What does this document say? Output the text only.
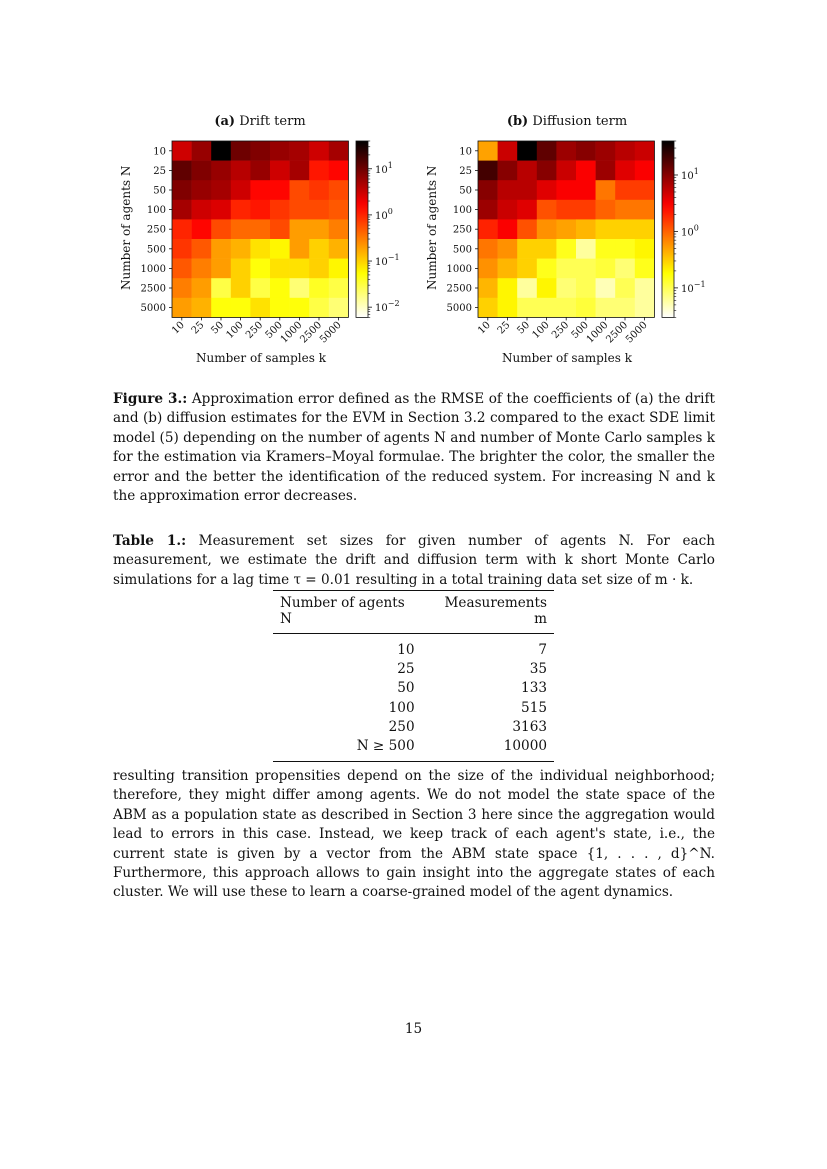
(a) Drift term	(b) Diffusion term
10
25
50
100
250
500
1000
2500
5000
10 25 50
100
250
500
1000
2500
5000
$10^{-2}$
$10^{-1}$
$10^0$
$10^1$
10
25
50
100
250
500
1000
2500
5000
10 25 50
100
250
500
1000
2500
5000
$10^{-1}$
$10^0$
$10^1$
Number of agents N
Number of samples k
Number of agents N
Number of samples k
Figure 3.: Approximation error defined as the RMSE of the coefficients of (a) the drift and (b) diffusion estimates for the EVM in Section 3.2 compared to the exact SDE limit model (5) depending on the number of agents N and number of Monte Carlo samples k for the estimation via Kramers–Moyal formulae. The brighter the color, the smaller the error and the better the identification of the reduced system. For increasing N and k the approximation error decreases.
Table 1.: Measurement set sizes for given number of agents N. For each measurement, we estimate the drift and diffusion term with k short Monte Carlo simulations for a lag time τ = 0.01 resulting in a total training data set size of m · k.
Number of agents N	Measurements m
10	7
25	35
50	133
100	515
250	3163
N ≥ 500	10000
resulting transition propensities depend on the size of the individual neighborhood; therefore, they might differ among agents. We do not model the state space of the ABM as a population state as described in Section 3 here since the aggregation would lead to errors in this case. Instead, we keep track of each agent's state, i.e., the current state is given by a vector from the ABM state space {1, . . . , d}^N. Furthermore, this approach allows to gain insight into the aggregate states of each cluster. We will use these to learn a coarse-grained model of the agent dynamics.
15
